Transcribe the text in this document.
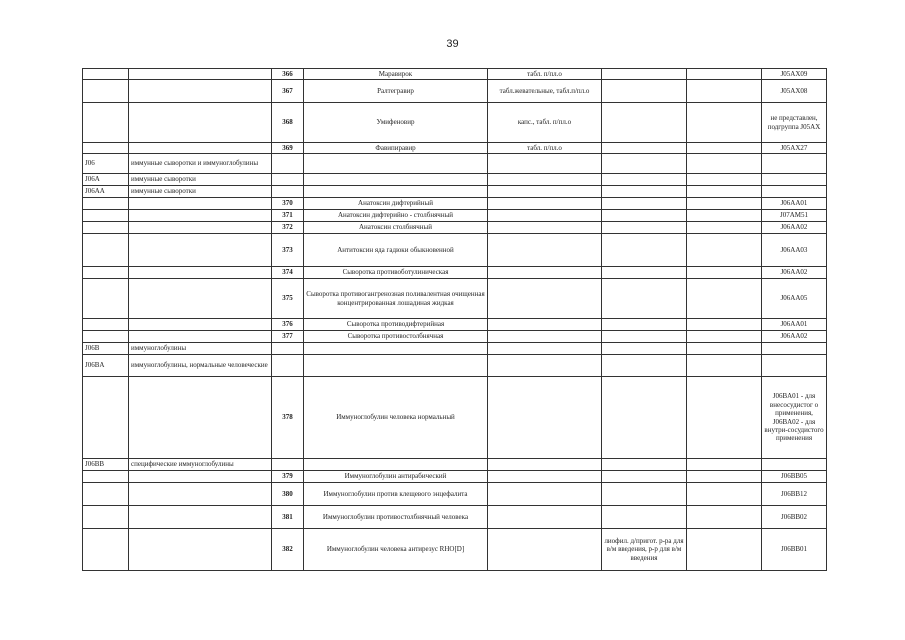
39
		366	Маравирок	табл. п/пл.о			J05AX09
		367	Ралтегравир	табл.жевательные, табл.п/пл.о			J05AX08
		368	Умифеновир	капс., табл. п/пл.о			не представлен, подгруппа J05AX
		369	Фавипиравир	табл. п/пл.о			J05AX27
J06	иммунные сыворотки и иммуноглобулины						
J06A	иммунные сыворотки						
J06AA	иммунные сыворотки						
		370	Анатоксин дифтерийный				J06AA01
		371	Анатоксин дифтерийно - столбнячный				J07AM51
		372	Анатоксин столбнячный				J06AA02
		373	Антитоксин яда гадюки обыкновенной				J06AA03
		374	Сыворотка противоботулиническая				J06AA02
		375	Сыворотка противогангренозная поливалентная очищенная концентрированная лошадиная жидкая				J06AA05
		376	Сыворотка противодифтерийная				J06AA01
		377	Сыворотка противостолбнячная				J06AA02
J06B	иммуноглобулины						
J06BA	иммуноглобулины, нормальные человеческие						
		378	Иммуноглобулин человека нормальный				J06BA01 - для внесосудистог о применения, J06BA02 - для внутри-сосудистого применения
J06BB	специфические иммуноглобулины						
		379	Иммуноглобулин антирабический				J06BB05
		380	Иммуноглобулин против клещевого энцефалита				J06BB12
		381	Иммуноглобулин противостолбнячный человека				J06BB02
		382	Иммуноглобулин человека антирезус RHO[D]		лиофил. д/пригот. р-ра для в/м введения, р-р для в/м введения		J06BB01
